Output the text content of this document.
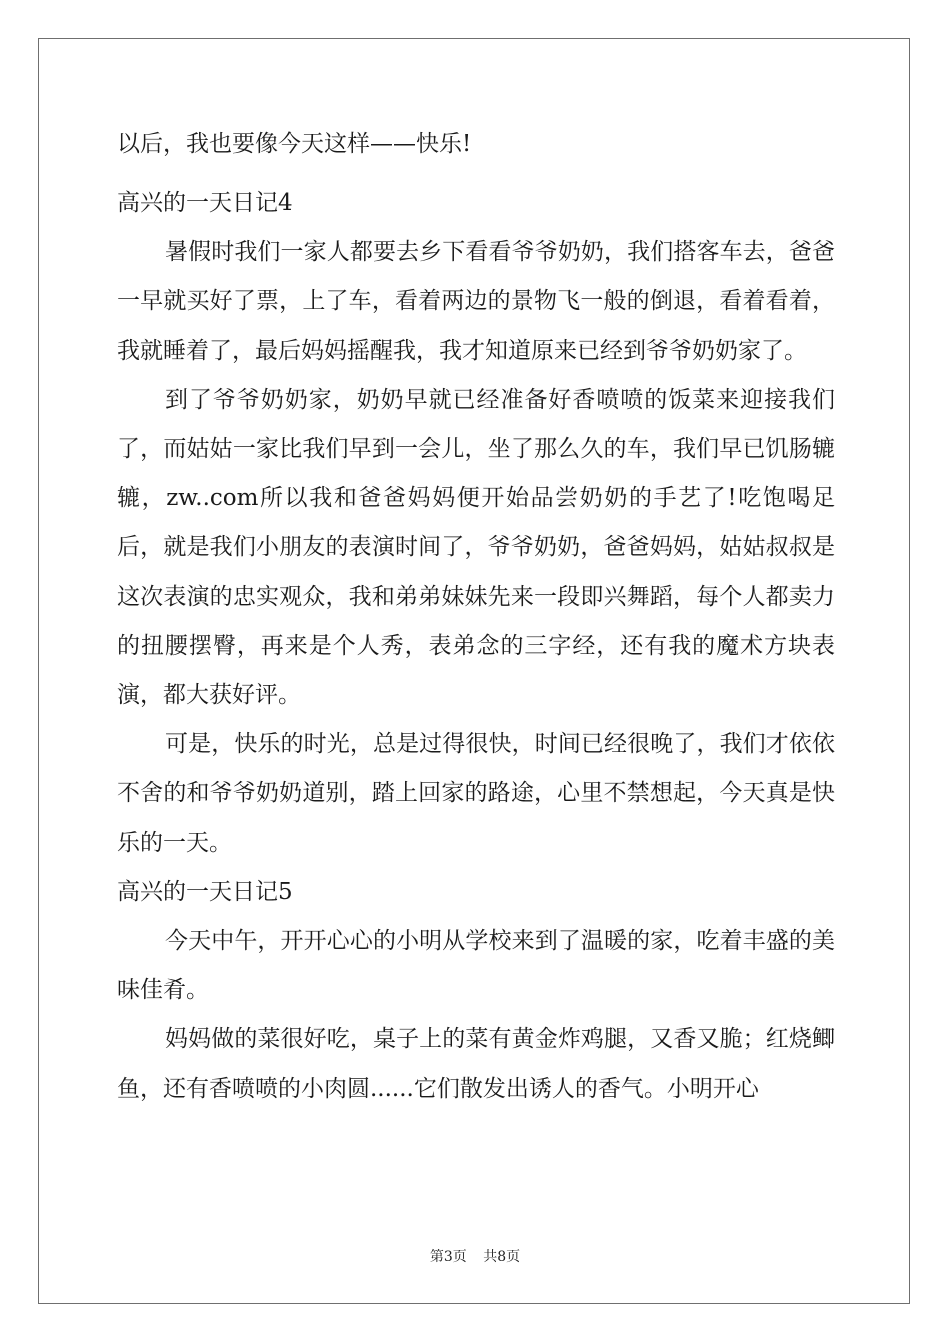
以后，我也要像今天这样——快乐!

高兴的一天日记4

暑假时我们一家人都要去乡下看看爷爷奶奶，我们搭客车去，爸爸一早就买好了票，上了车，看着两边的景物飞一般的倒退，看着看着，我就睡着了，最后妈妈摇醒我，我才知道原来已经到爷爷奶奶家了。

到了爷爷奶奶家，奶奶早就已经准备好香喷喷的饭菜来迎接我们了，而姑姑一家比我们早到一会儿，坐了那么久的车，我们早已饥肠辘辘，zw..com所以我和爸爸妈妈便开始品尝奶奶的手艺了!吃饱喝足后，就是我们小朋友的表演时间了，爷爷奶奶，爸爸妈妈，姑姑叔叔是这次表演的忠实观众，我和弟弟妹妹先来一段即兴舞蹈，每个人都卖力的扭腰摆臀，再来是个人秀，表弟念的三字经，还有我的魔术方块表演，都大获好评。

可是，快乐的时光，总是过得很快，时间已经很晚了，我们才依依不舍的和爷爷奶奶道别，踏上回家的路途，心里不禁想起，今天真是快乐的一天。

高兴的一天日记5

今天中午，开开心心的小明从学校来到了温暖的家，吃着丰盛的美味佳肴。

妈妈做的菜很好吃，桌子上的菜有黄金炸鸡腿，又香又脆；红烧鲫鱼，还有香喷喷的小肉圆......它们散发出诱人的香气。小明开心

第3页 共8页
